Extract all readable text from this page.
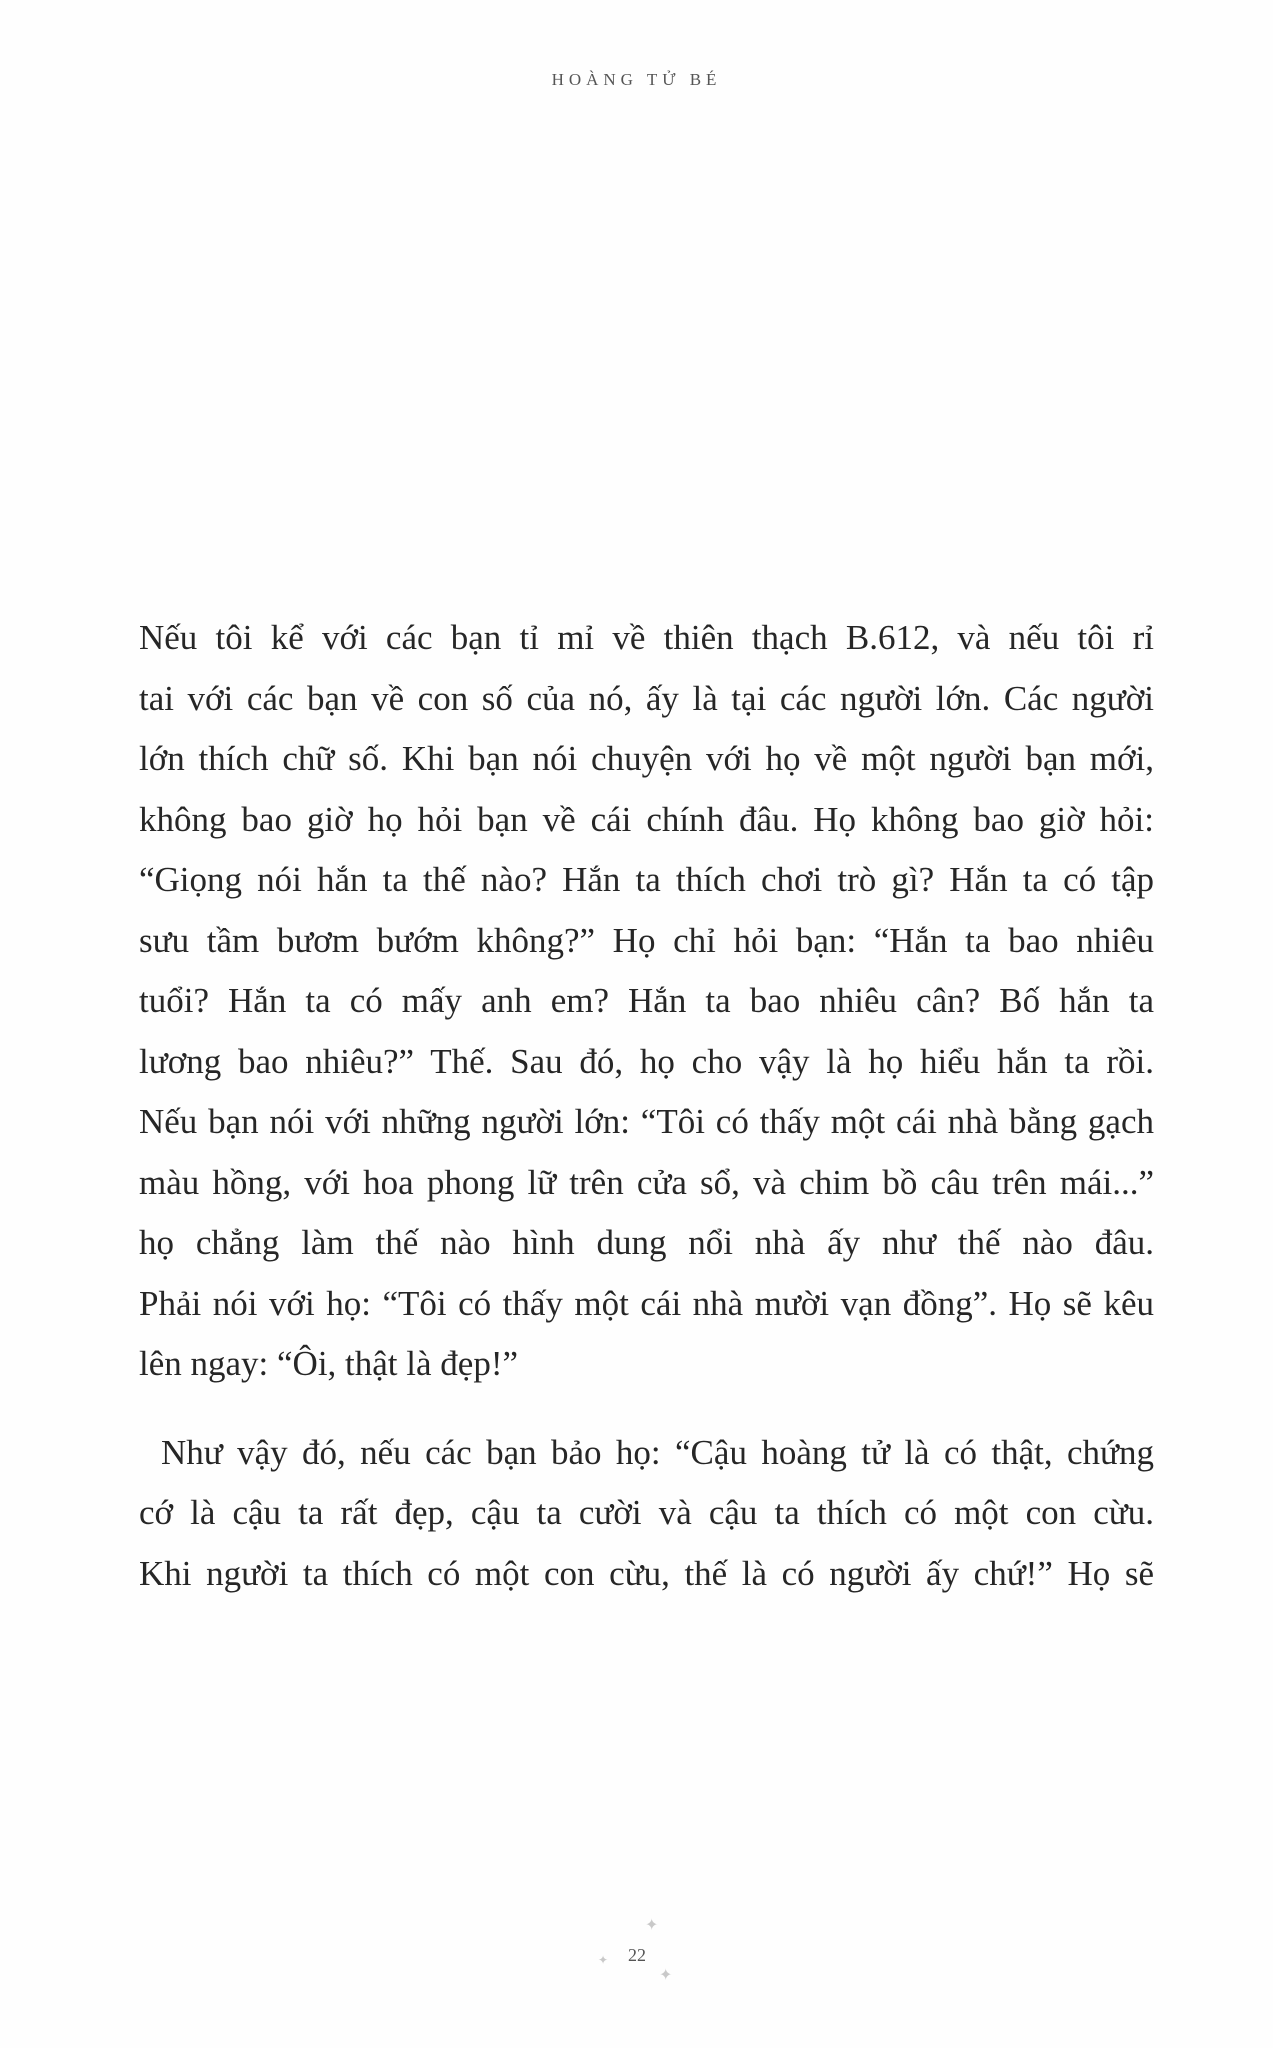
HOÀNG TỬ BÉ

Nếu tôi kể với các bạn tỉ mỉ về thiên thạch B.612, và nếu tôi rỉ
tai với các bạn về con số của nó, ấy là tại các người lớn. Các người
lớn thích chữ số. Khi bạn nói chuyện với họ về một người bạn mới,
không bao giờ họ hỏi bạn về cái chính đâu. Họ không bao giờ hỏi:
“Giọng nói hắn ta thế nào? Hắn ta thích chơi trò gì? Hắn ta có tập
sưu tầm bươm bướm không?” Họ chỉ hỏi bạn: “Hắn ta bao nhiêu
tuổi? Hắn ta có mấy anh em? Hắn ta bao nhiêu cân? Bố hắn ta
lương bao nhiêu?” Thế. Sau đó, họ cho vậy là họ hiểu hắn ta rồi.
Nếu bạn nói với những người lớn: “Tôi có thấy một cái nhà bằng gạch
màu hồng, với hoa phong lữ trên cửa sổ, và chim bồ câu trên mái...”
họ chẳng làm thế nào hình dung nổi nhà ấy như thế nào đâu.
Phải nói với họ: “Tôi có thấy một cái nhà mười vạn đồng”. Họ sẽ kêu
lên ngay: “Ôi, thật là đẹp!”

Như vậy đó, nếu các bạn bảo họ: “Cậu hoàng tử là có thật, chứng
cớ là cậu ta rất đẹp, cậu ta cười và cậu ta thích có một con cừu.
Khi người ta thích có một con cừu, thế là có người ấy chứ!” Họ sẽ

✦
✦	22
✦
